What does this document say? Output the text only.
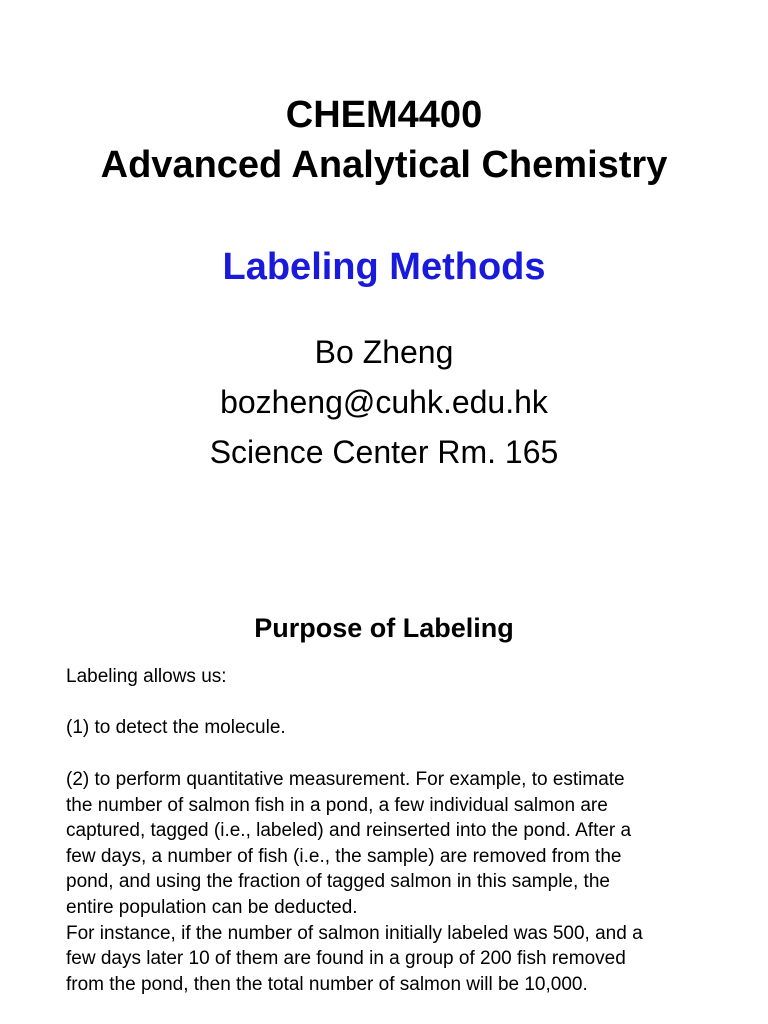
CHEM4400
Advanced Analytical Chemistry
Labeling Methods
Bo Zheng
bozheng@cuhk.edu.hk
Science Center Rm. 165
Purpose of Labeling
Labeling allows us:
(1) to detect the molecule.
(2) to perform quantitative measurement. For example, to estimate
the number of salmon fish in a pond, a few individual salmon are
captured, tagged (i.e., labeled) and reinserted into the pond. After a
few days, a number of fish (i.e., the sample) are removed from the
pond, and using the fraction of tagged salmon in this sample, the
entire population can be deducted.
For instance, if the number of salmon initially labeled was 500, and a
few days later 10 of them are found in a group of 200 fish removed
from the pond, then the total number of salmon will be 10,000.
